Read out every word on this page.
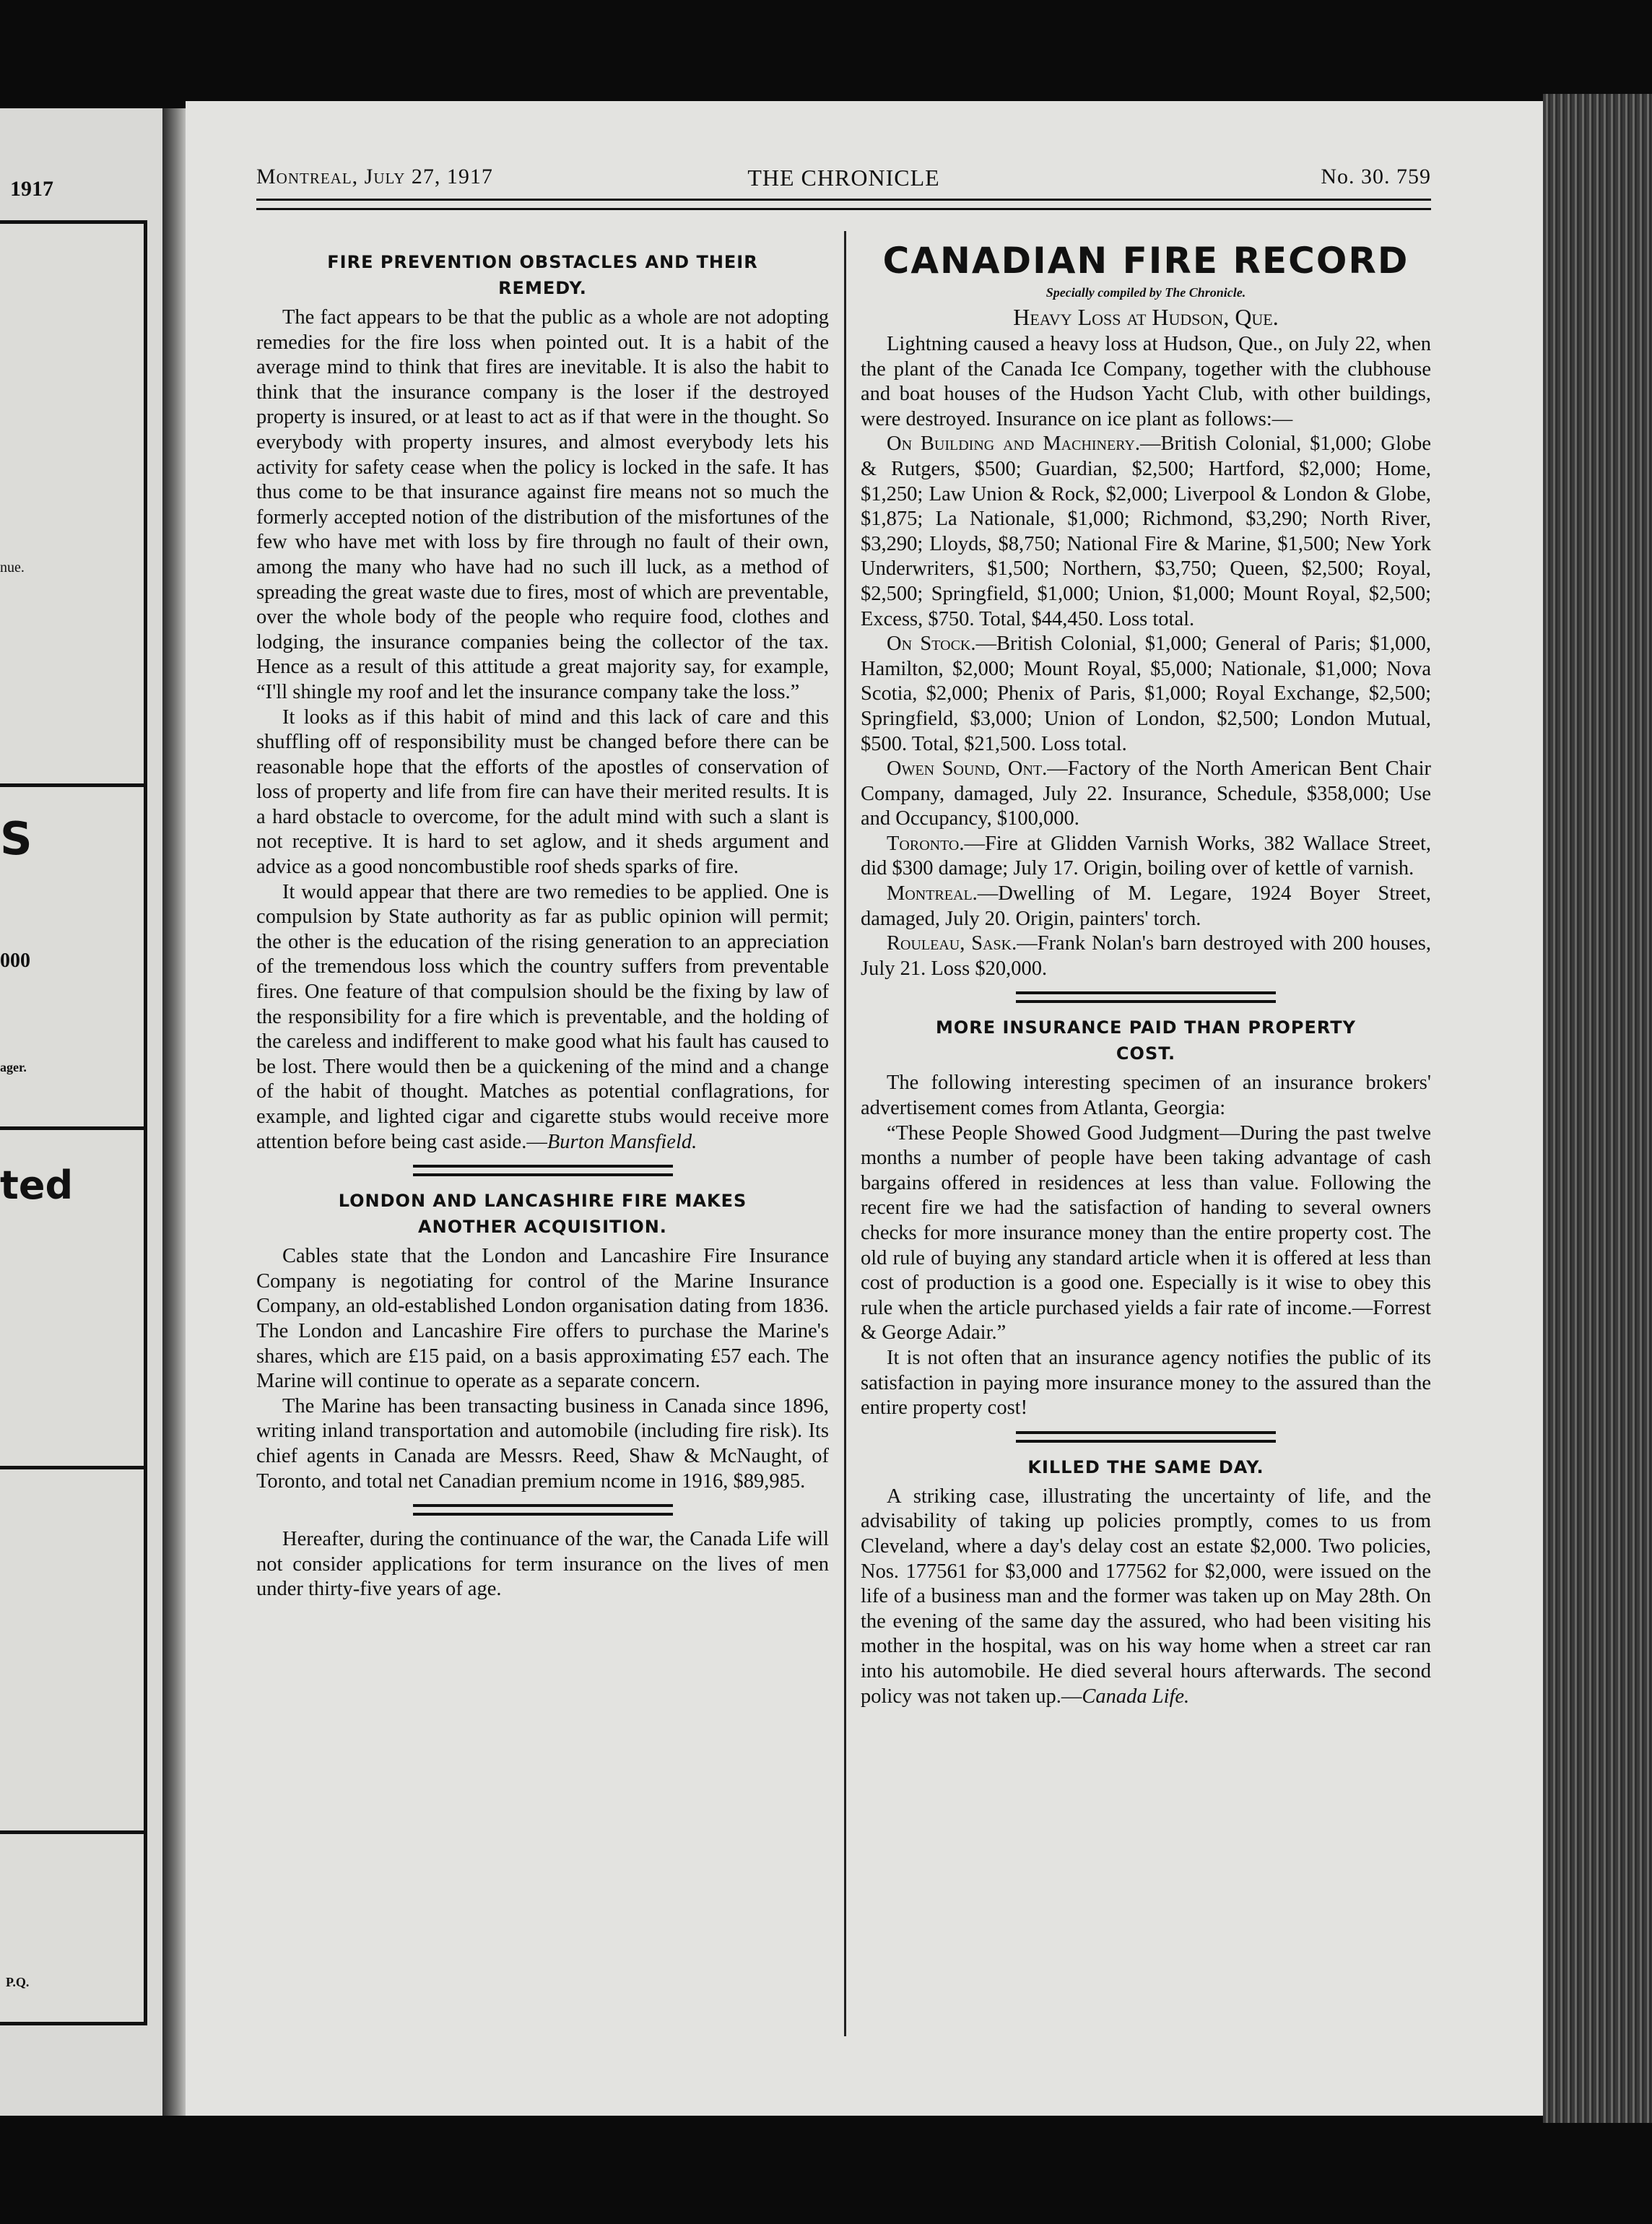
1917
nue.
S
000
ager.
ted
P.Q.
THE CHRONICLE
Montreal, July 27, 1917	No. 30. 759
FIRE PREVENTION OBSTACLES AND THEIR
REMEDY.

The fact appears to be that the public as a whole are not adopting remedies for the fire loss when pointed out. It is a habit of the average mind to think that fires are inevitable. It is also the habit to think that the insurance company is the loser if the destroyed property is insured, or at least to act as if that were in the thought. So everybody with property insures, and almost everybody lets his activity for safety cease when the policy is locked in the safe. It has thus come to be that insurance against fire means not so much the formerly accepted notion of the distribution of the misfortunes of the few who have met with loss by fire through no fault of their own, among the many who have had no such ill luck, as a method of spreading the great waste due to fires, most of which are preventable, over the whole body of the people who require food, clothes and lodging, the insurance companies being the collector of the tax. Hence as a result of this attitude a great majority say, for example, “I'll shingle my roof and let the insurance company take the loss.”

It looks as if this habit of mind and this lack of care and this shuffling off of responsibility must be changed before there can be reasonable hope that the efforts of the apostles of conservation of loss of property and life from fire can have their merited results. It is a hard obstacle to overcome, for the adult mind with such a slant is not receptive. It is hard to set aglow, and it sheds argument and advice as a good noncombustible roof sheds sparks of fire.

It would appear that there are two remedies to be applied. One is compulsion by State authority as far as public opinion will permit; the other is the education of the rising generation to an appreciation of the tremendous loss which the country suffers from preventable fires. One feature of that compulsion should be the fixing by law of the responsibility for a fire which is preventable, and the holding of the careless and indifferent to make good what his fault has caused to be lost. There would then be a quickening of the mind and a change of the habit of thought. Matches as potential conflagrations, for example, and lighted cigar and cigarette stubs would receive more attention before being cast aside.—Burton Mansfield.

LONDON AND LANCASHIRE FIRE MAKES
ANOTHER ACQUISITION.

Cables state that the London and Lancashire Fire Insurance Company is negotiating for control of the Marine Insurance Company, an old-established London organisation dating from 1836. The London and Lancashire Fire offers to purchase the Marine's shares, which are £15 paid, on a basis approximating £57 each. The Marine will continue to operate as a separate concern.

The Marine has been transacting business in Canada since 1896, writing inland transportation and automobile (including fire risk). Its chief agents in Canada are Messrs. Reed, Shaw & McNaught, of Toronto, and total net Canadian premium ncome in 1916, $89,985.

Hereafter, during the continuance of the war, the Canada Life will not consider applications for term insurance on the lives of men under thirty-five years of age.

CANADIAN FIRE RECORD
Specially compiled by The Chronicle.
Heavy Loss at Hudson, Que.

Lightning caused a heavy loss at Hudson, Que., on July 22, when the plant of the Canada Ice Company, together with the clubhouse and boat houses of the Hudson Yacht Club, with other buildings, were destroyed. Insurance on ice plant as follows:—

On Building and Machinery.—British Colonial, $1,000; Globe & Rutgers, $500; Guardian, $2,500; Hartford, $2,000; Home, $1,250; Law Union & Rock, $2,000; Liverpool & London & Globe, $1,875; La Nationale, $1,000; Richmond, $3,290; North River, $3,290; Lloyds, $8,750; National Fire & Marine, $1,500; New York Underwriters, $1,500; Northern, $3,750; Queen, $2,500; Royal, $2,500; Springfield, $1,000; Union, $1,000; Mount Royal, $2,500; Excess, $750. Total, $44,450. Loss total.

On Stock.—British Colonial, $1,000; General of Paris; $1,000, Hamilton, $2,000; Mount Royal, $5,000; Nationale, $1,000; Nova Scotia, $2,000; Phenix of Paris, $1,000; Royal Exchange, $2,500; Springfield, $3,000; Union of London, $2,500; London Mutual, $500. Total, $21,500. Loss total.

Owen Sound, Ont.—Factory of the North American Bent Chair Company, damaged, July 22. Insurance, Schedule, $358,000; Use and Occupancy, $100,000.

Toronto.—Fire at Glidden Varnish Works, 382 Wallace Street, did $300 damage; July 17. Origin, boiling over of kettle of varnish.

Montreal.—Dwelling of M. Legare, 1924 Boyer Street, damaged, July 20. Origin, painters' torch.

Rouleau, Sask.—Frank Nolan's barn destroyed with 200 houses, July 21. Loss $20,000.

MORE INSURANCE PAID THAN PROPERTY
COST.

The following interesting specimen of an insurance brokers' advertisement comes from Atlanta, Georgia:

“These People Showed Good Judgment—During the past twelve months a number of people have been taking advantage of cash bargains offered in residences at less than value. Following the recent fire we had the satisfaction of handing to several owners checks for more insurance money than the entire property cost. The old rule of buying any standard article when it is offered at less than cost of production is a good one. Especially is it wise to obey this rule when the article purchased yields a fair rate of income.—Forrest & George Adair.”

It is not often that an insurance agency notifies the public of its satisfaction in paying more insurance money to the assured than the entire property cost!

KILLED THE SAME DAY.

A striking case, illustrating the uncertainty of life, and the advisability of taking up policies promptly, comes to us from Cleveland, where a day's delay cost an estate $2,000. Two policies, Nos. 177561 for $3,000 and 177562 for $2,000, were issued on the life of a business man and the former was taken up on May 28th. On the evening of the same day the assured, who had been visiting his mother in the hospital, was on his way home when a street car ran into his automobile. He died several hours afterwards. The second policy was not taken up.—Canada Life.
